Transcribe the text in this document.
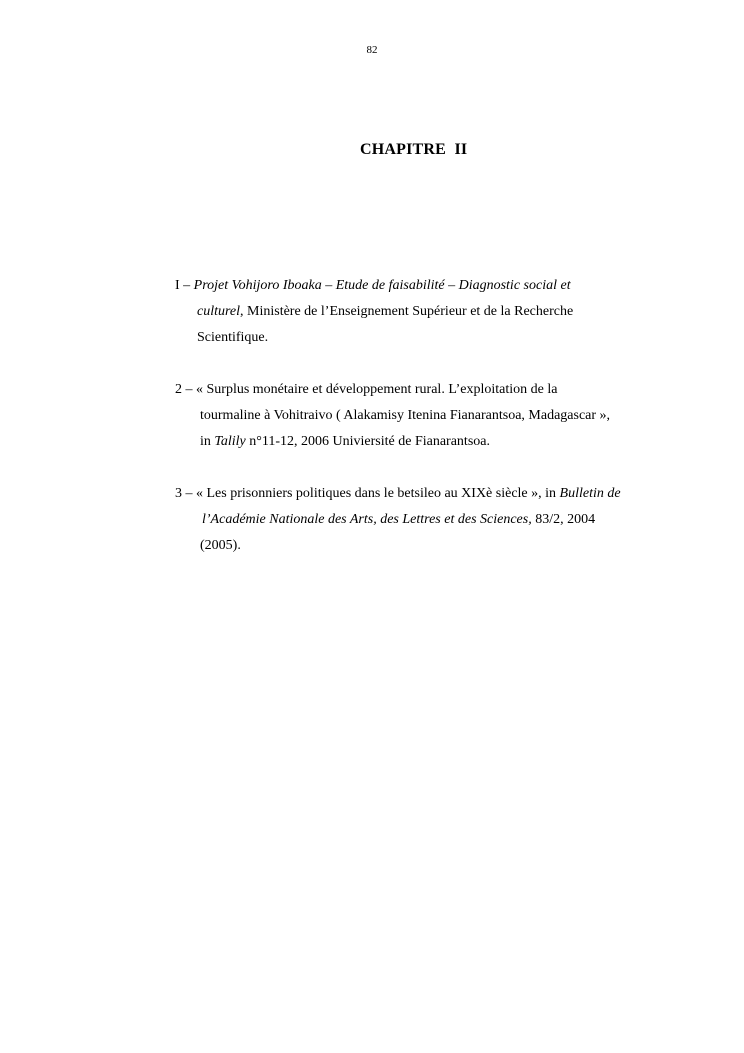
82
CHAPITRE  II
I – Projet Vohijoro Iboaka – Etude de faisabilité – Diagnostic social et
culturel, Ministère de l’Enseignement Supérieur et de la Recherche
Scientifique.
2 – « Surplus monétaire et développement rural. L’exploitation de la
tourmaline à Vohitraivo ( Alakamisy Itenina Fianarantsoa, Madagascar »,
in Talily n°11-12, 2006 Univiersité de Fianarantsoa.
3 – « Les prisonniers politiques dans le betsileo au XIXè siècle », in Bulletin de
l’Académie Nationale des Arts, des Lettres et des Sciences, 83/2, 2004
(2005).
